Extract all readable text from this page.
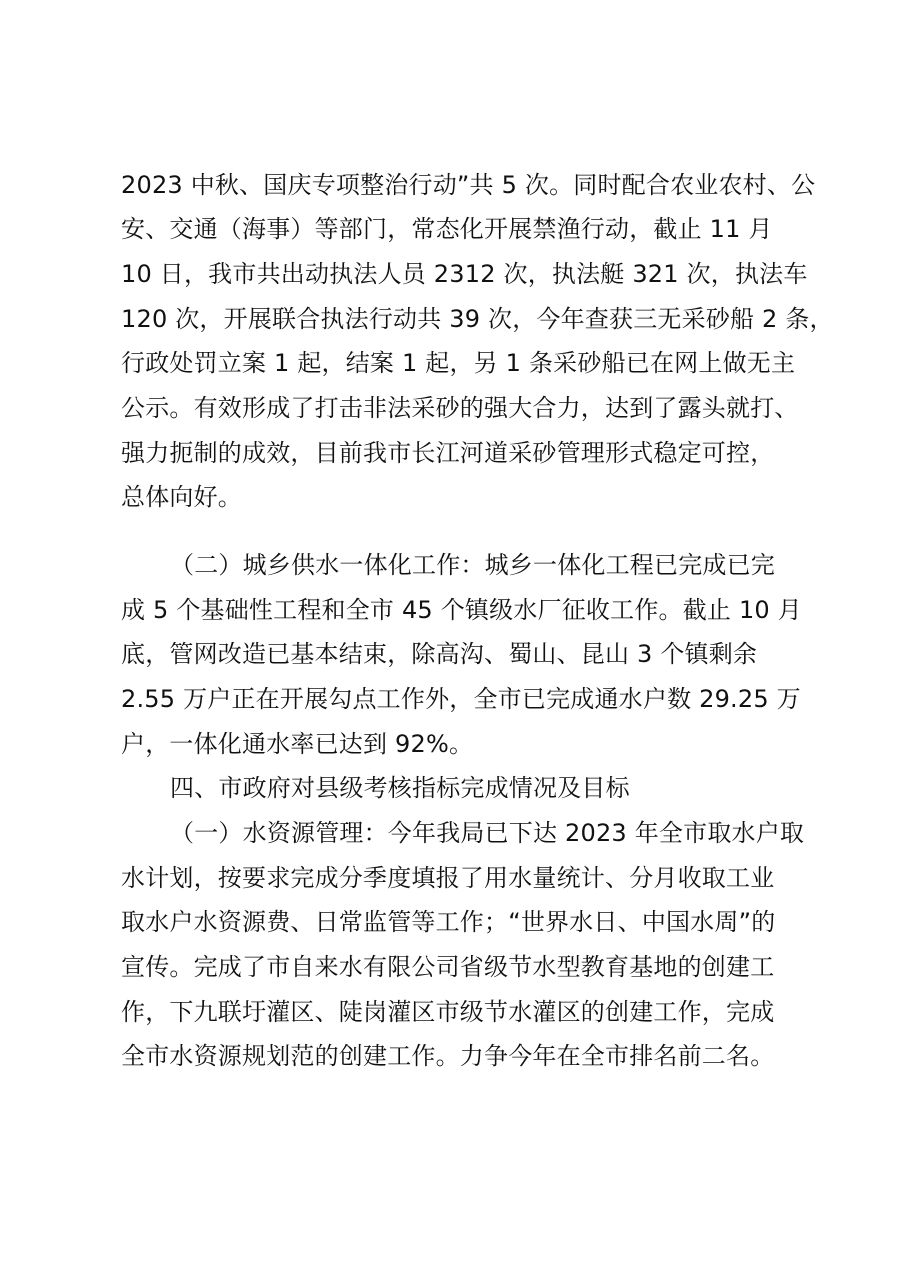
2023 中秋、国庆专项整治行动”共 5 次。同时配合农业农村、公
安、交通（海事）等部门，常态化开展禁渔行动，截止 11 月
10 日，我市共出动执法人员 2312 次，执法艇 321 次，执法车
120 次，开展联合执法行动共 39 次，今年查获三无采砂船 2 条，
行政处罚立案 1 起，结案 1 起，另 1 条采砂船已在网上做无主
公示。有效形成了打击非法采砂的强大合力，达到了露头就打、
强力扼制的成效，目前我市长江河道采砂管理形式稳定可控，
总体向好。
（二）城乡供水一体化工作：城乡一体化工程已完成已完
成 5 个基础性工程和全市 45 个镇级水厂征收工作。截止 10 月
底，管网改造已基本结束，除高沟、蜀山、昆山 3 个镇剩余
2.55 万户正在开展勾点工作外，全市已完成通水户数 29.25 万
户，一体化通水率已达到 92%。
四、市政府对县级考核指标完成情况及目标
（一）水资源管理：今年我局已下达 2023 年全市取水户取
水计划，按要求完成分季度填报了用水量统计、分月收取工业
取水户水资源费、日常监管等工作；“世界水日、中国水周”的
宣传。完成了市自来水有限公司省级节水型教育基地的创建工
作，下九联圩灌区、陡岗灌区市级节水灌区的创建工作，完成
全市水资源规划范的创建工作。力争今年在全市排名前二名。
